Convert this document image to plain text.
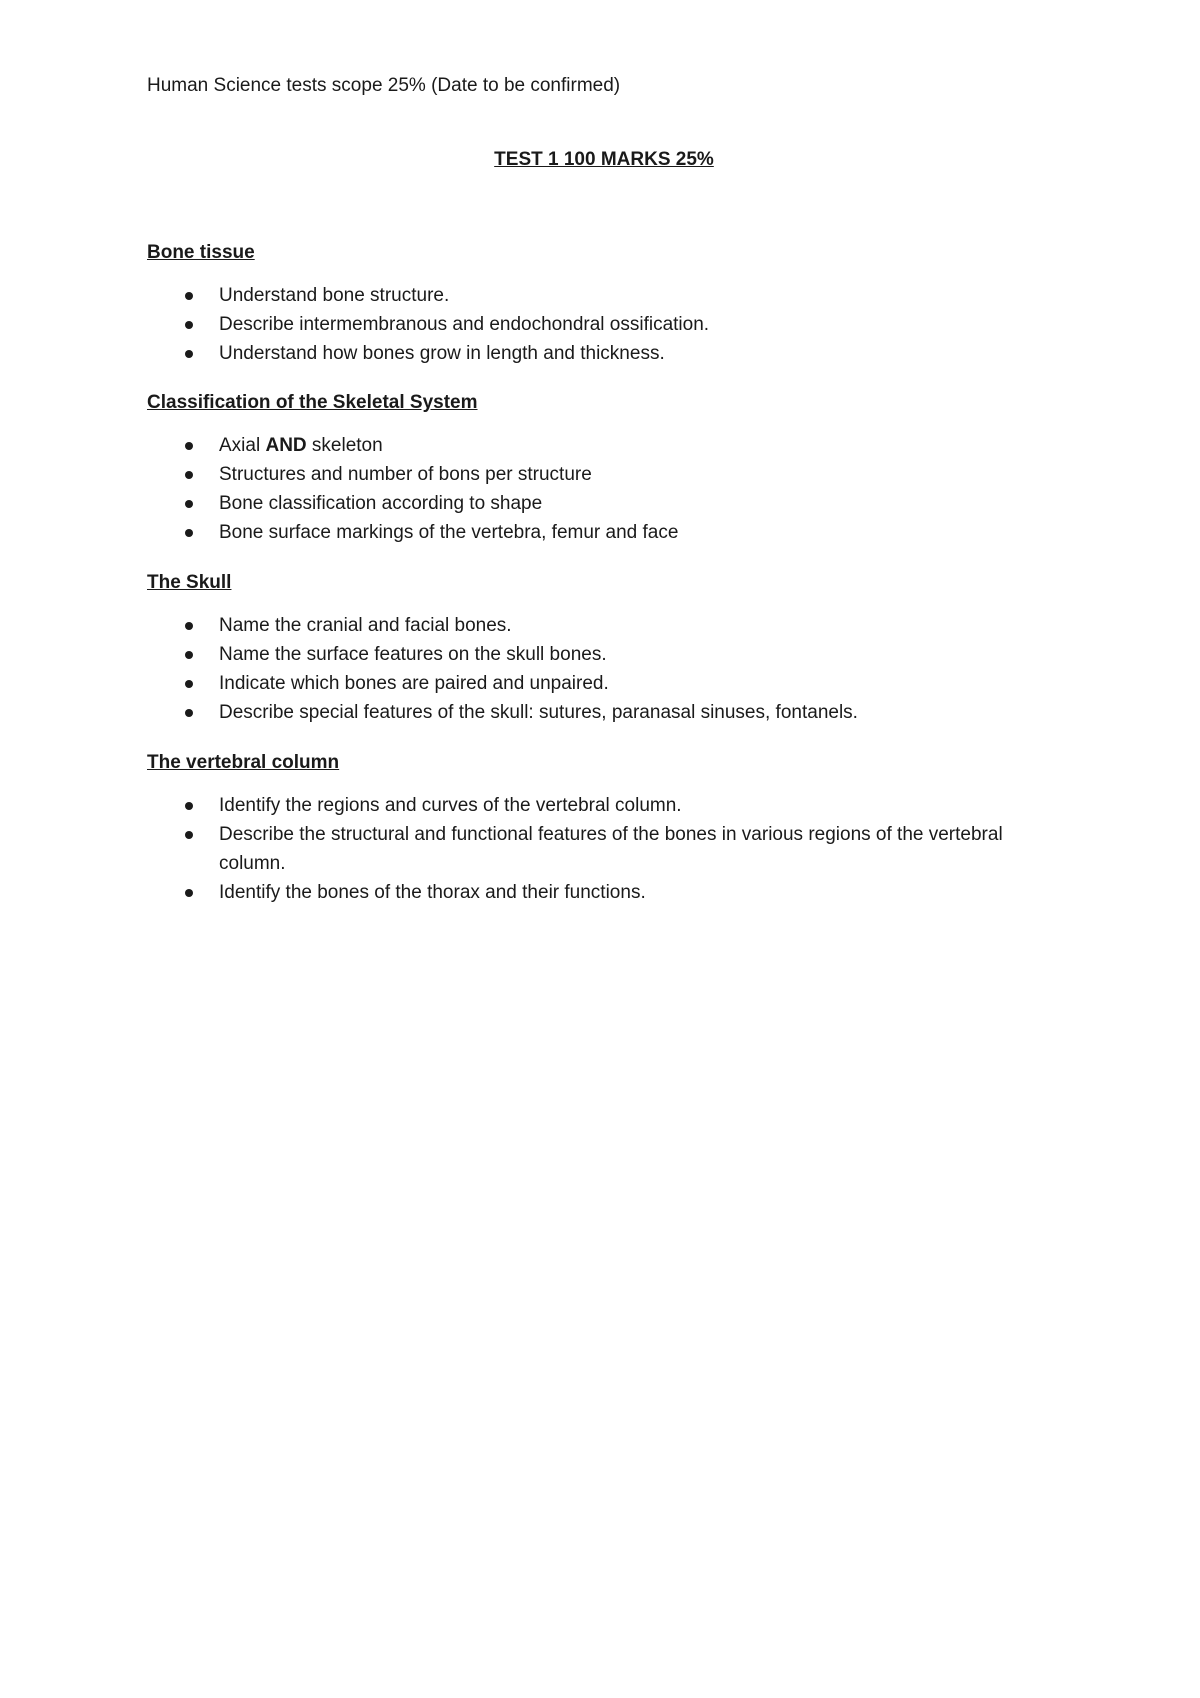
Human Science tests scope 25% (Date to be confirmed)

TEST 1 100 MARKS 25%

Bone tissue
Understand bone structure.
Describe intermembranous and endochondral ossification.
Understand how bones grow in length and thickness.
Classification of the Skeletal System
Axial AND skeleton
Structures and number of bons per structure
Bone classification according to shape
Bone surface markings of the vertebra, femur and face
The Skull
Name the cranial and facial bones.
Name the surface features on the skull bones.
Indicate which bones are paired and unpaired.
Describe special features of the skull: sutures, paranasal sinuses, fontanels.
The vertebral column
Identify the regions and curves of the vertebral column.
Describe the structural and functional features of the bones in various regions of the vertebral column.
Identify the bones of the thorax and their functions.
